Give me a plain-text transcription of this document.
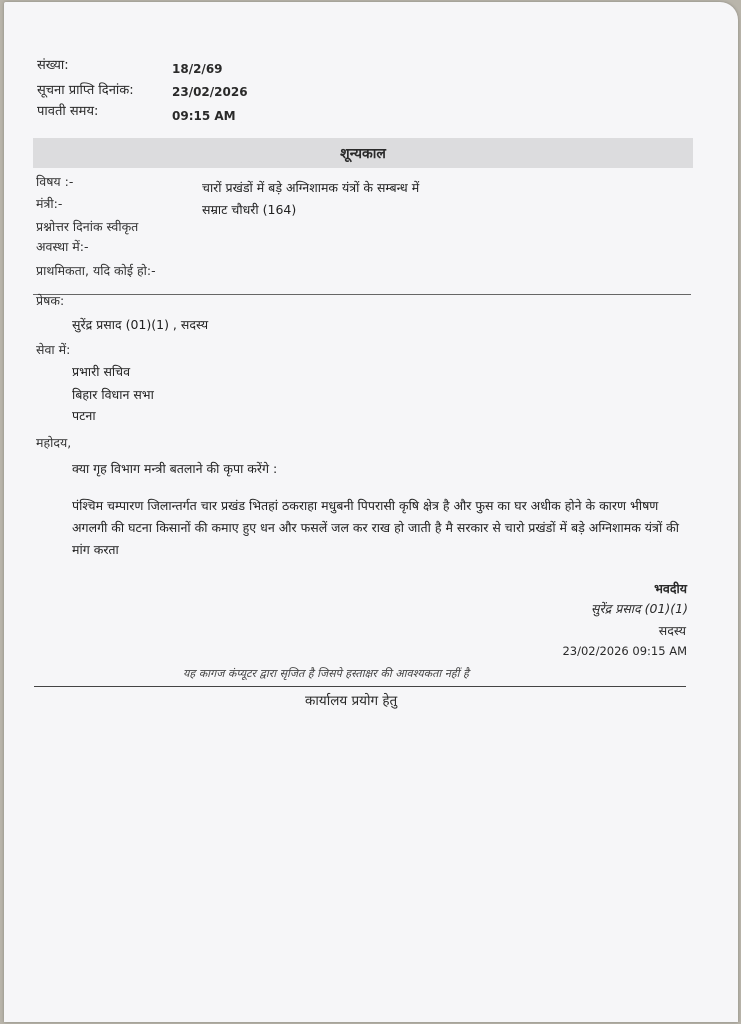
संख्या:	18/2/69
सूचना प्राप्ति दिनांक:	23/02/2026
पावती समय:	09:15 AM
शून्यकाल
विषय :-	चारों प्रखंडों में बड़े अग्निशामक यंत्रों के सम्बन्ध में
मंत्री:-	सम्राट चौधरी (164)
प्रश्नोत्तर दिनांक स्वीकृत
अवस्था में:-
प्राथमिकता, यदि कोई हो:-
प्रेषक:
सुरेंद्र प्रसाद (01)(1) , सदस्य
सेवा में:
प्रभारी सचिव
बिहार विधान सभा
पटना
महोदय,
क्या गृह विभाग मन्त्री बतलाने की कृपा करेंगे :
पंश्चिम चम्पारण जिलान्तर्गत चार प्रखंड भितहां ठकराहा मधुबनी पिपरासी कृषि क्षेत्र है और फुस का घर अधीक होने के कारण भीषण अगलगी की घटना किसानों की कमाए हुए धन और फसलें जल कर राख हो जाती है मै सरकार से चारो प्रखंडों में बड़े अग्निशामक यंत्रों की मांग करता
भवदीय
सुरेंद्र प्रसाद (01)(1)
सदस्य
23/02/2026 09:15 AM
यह कागज कंप्यूटर द्वारा सृजित है जिसपे हस्ताक्षर की आवश्यकता नहीं है
कार्यालय प्रयोग हेतु
